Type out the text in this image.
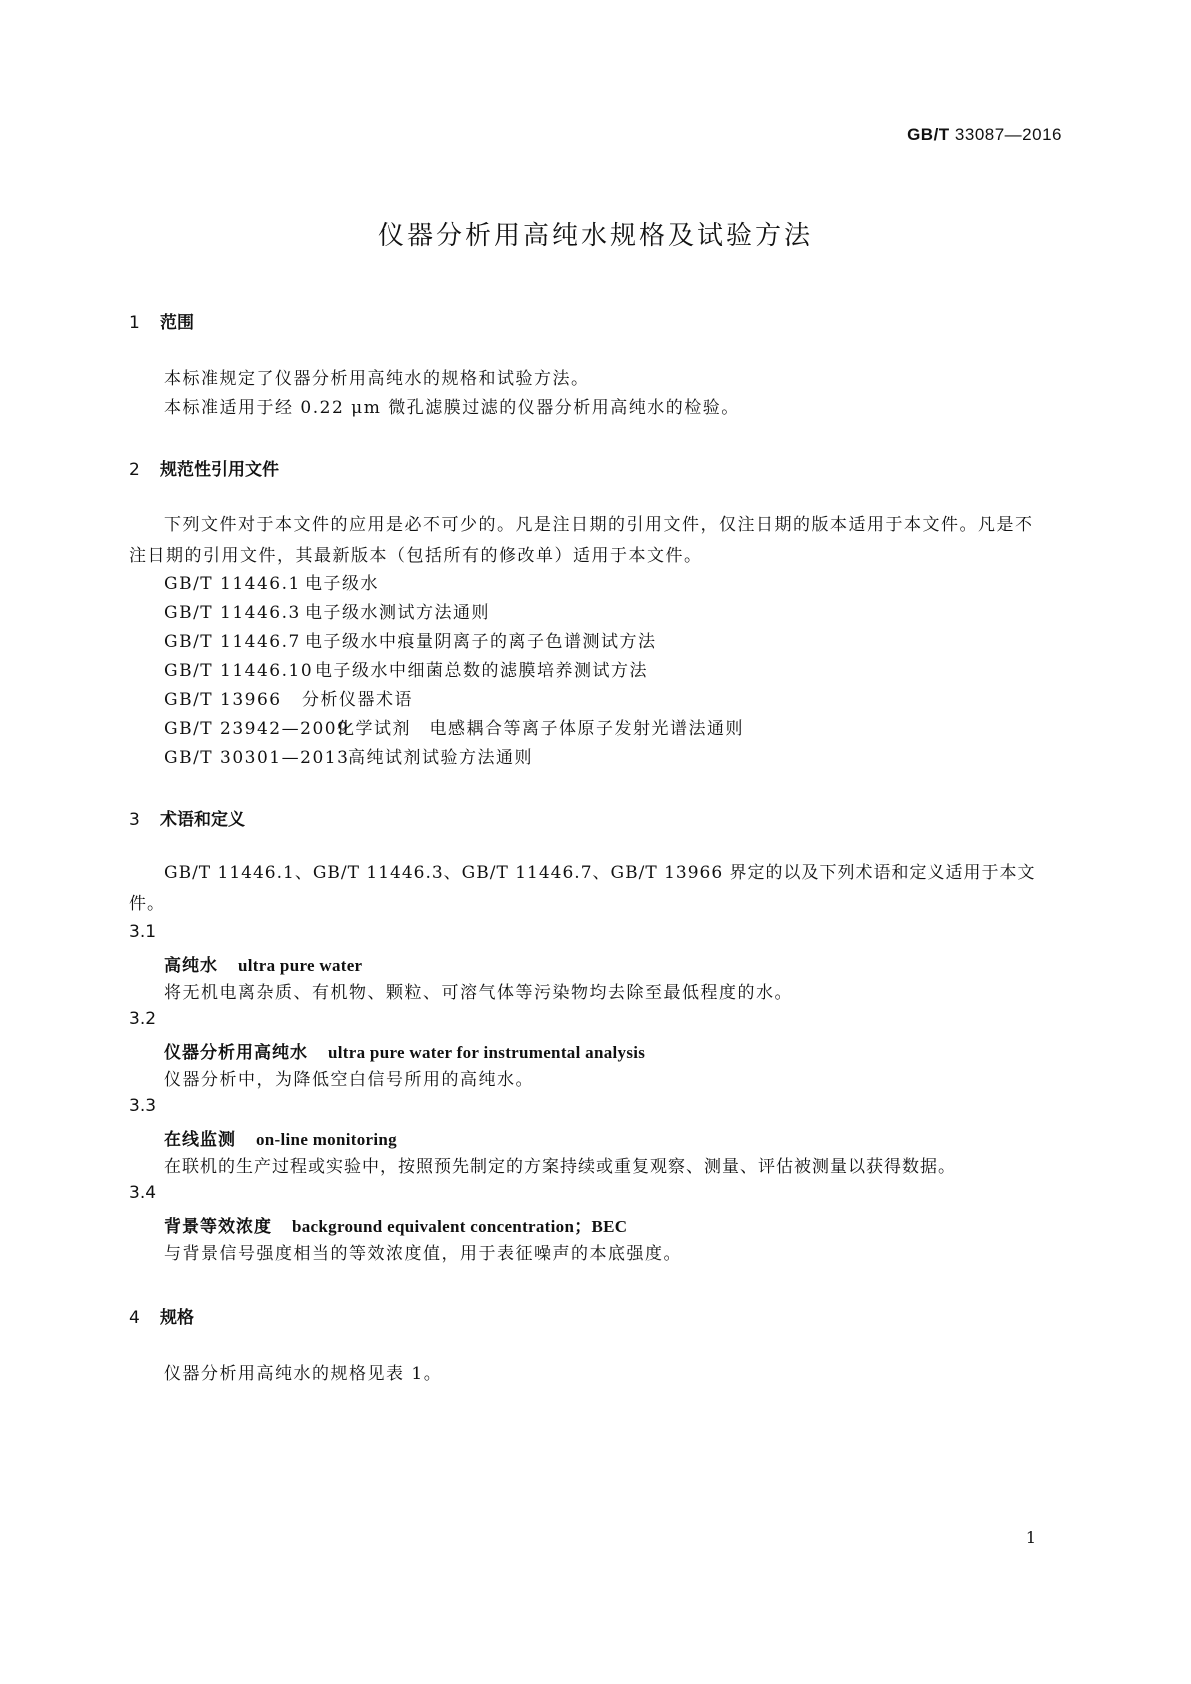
GB/T 33087—2016
仪器分析用高纯水规格及试验方法
1 范围
本标准规定了仪器分析用高纯水的规格和试验方法。
本标准适用于经 0.22 μm 微孔滤膜过滤的仪器分析用高纯水的检验。
2 规范性引用文件
下列文件对于本文件的应用是必不可少的。凡是注日期的引用文件，仅注日期的版本适用于本文件。凡是不注日期的引用文件，其最新版本（包括所有的修改单）适用于本文件。
GB/T 11446.1 电子级水
GB/T 11446.3 电子级水测试方法通则
GB/T 11446.7 电子级水中痕量阴离子的离子色谱测试方法
GB/T 11446.10 电子级水中细菌总数的滤膜培养测试方法
GB/T 13966 分析仪器术语
GB/T 23942—2009化学试剂　电感耦合等离子体原子发射光谱法通则
GB/T 30301—2013高纯试剂试验方法通则
3 术语和定义
GB/T 11446.1、GB/T 11446.3、GB/T 11446.7、GB/T 13966 界定的以及下列术语和定义适用于本文件。
3.1
高纯水 ultra pure water
将无机电离杂质、有机物、颗粒、可溶气体等污染物均去除至最低程度的水。
3.2
仪器分析用高纯水 ultra pure water for instrumental analysis
仪器分析中，为降低空白信号所用的高纯水。
3.3
在线监测 on-line monitoring
在联机的生产过程或实验中，按照预先制定的方案持续或重复观察、测量、评估被测量以获得数据。
3.4
背景等效浓度 background equivalent concentration；BEC
与背景信号强度相当的等效浓度值，用于表征噪声的本底强度。
4 规格
仪器分析用高纯水的规格见表 1。
1
